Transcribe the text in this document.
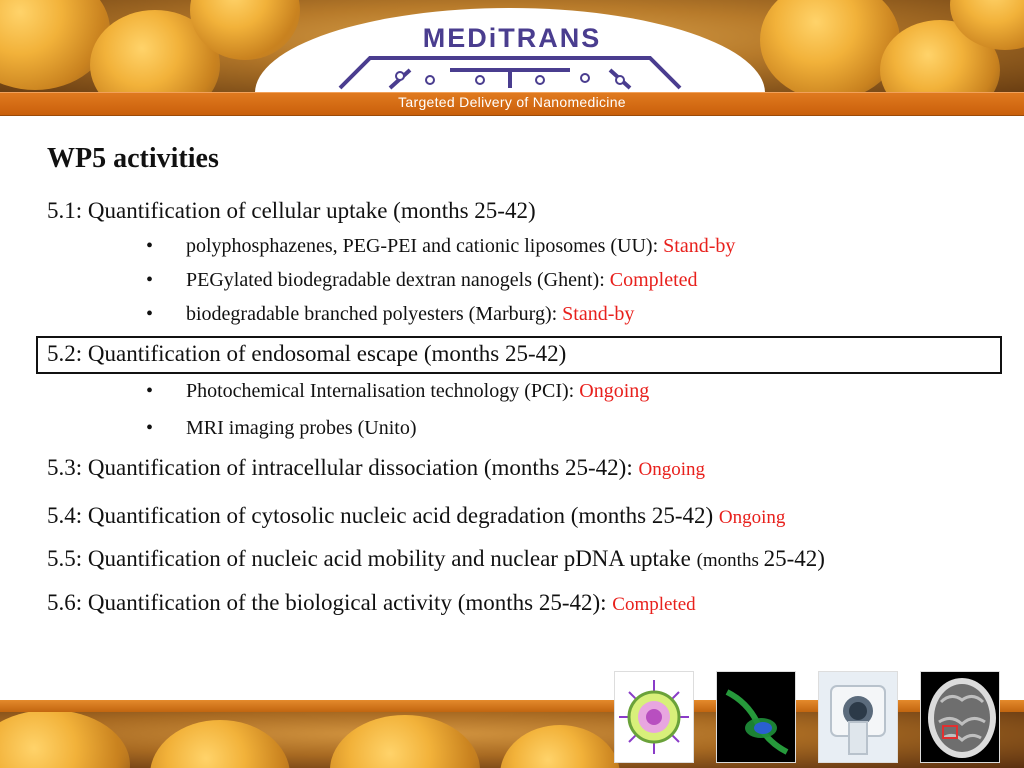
MEDiTRANS
Targeted Delivery of Nanomedicine
WP5 activities
5.1: Quantification of cellular uptake (months 25-42)
• polyphosphazenes, PEG-PEI and cationic liposomes (UU): Stand-by
• PEGylated biodegradable dextran nanogels (Ghent): Completed
• biodegradable branched polyesters (Marburg): Stand-by
5.2: Quantification of endosomal escape (months 25-42)
• Photochemical Internalisation technology (PCI): Ongoing
• MRI imaging probes (Unito)
5.3: Quantification of intracellular dissociation (months 25-42): Ongoing
5.4: Quantification of cytosolic nucleic acid degradation (months 25-42) Ongoing
5.5: Quantification of nucleic acid mobility and nuclear pDNA uptake (months 25-42)
5.6: Quantification of the biological activity (months 25-42): Completed
